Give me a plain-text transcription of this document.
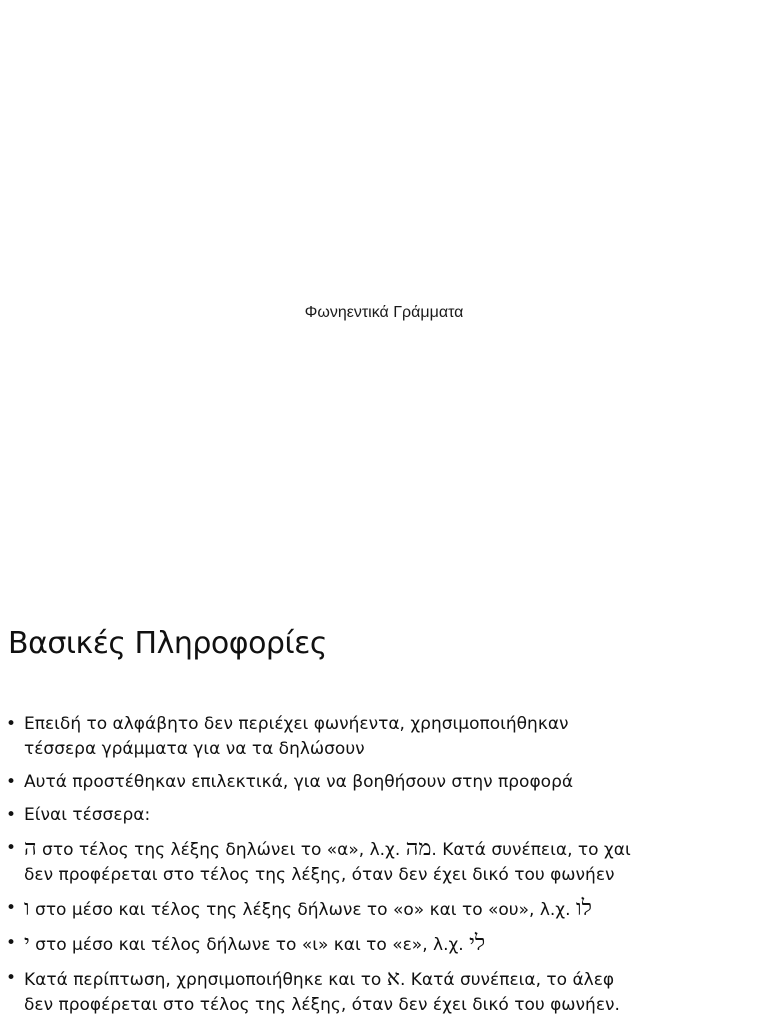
Φωνηεντικά Γράμματα
Βασικές Πληροφορίες
• Επειδή το αλφάβητο δεν περιέχει φωνήεντα, χρησιμοποιήθηκαν
τέσσερα γράμματα για να τα δηλώσουν
• Αυτά προστέθηκαν επιλεκτικά, για να βοηθήσουν στην προφορά
• Είναι τέσσερα:
• ה στο τέλος της λέξης δηλώνει το «α», λ.χ. מה. Κατά συνέπεια, το χαι
δεν προφέρεται στο τέλος της λέξης, όταν δεν έχει δικό του φωνήεν
• ו στο μέσο και τέλος της λέξης δήλωνε το «ο» και το «ου», λ.χ. לו
• י στο μέσο και τέλος δήλωνε το «ι» και το «ε», λ.χ. לי
• Κατά περίπτωση, χρησιμοποιήθηκε και το א. Κατά συνέπεια, το άλεφ
δεν προφέρεται στο τέλος της λέξης, όταν δεν έχει δικό του φωνήεν.
